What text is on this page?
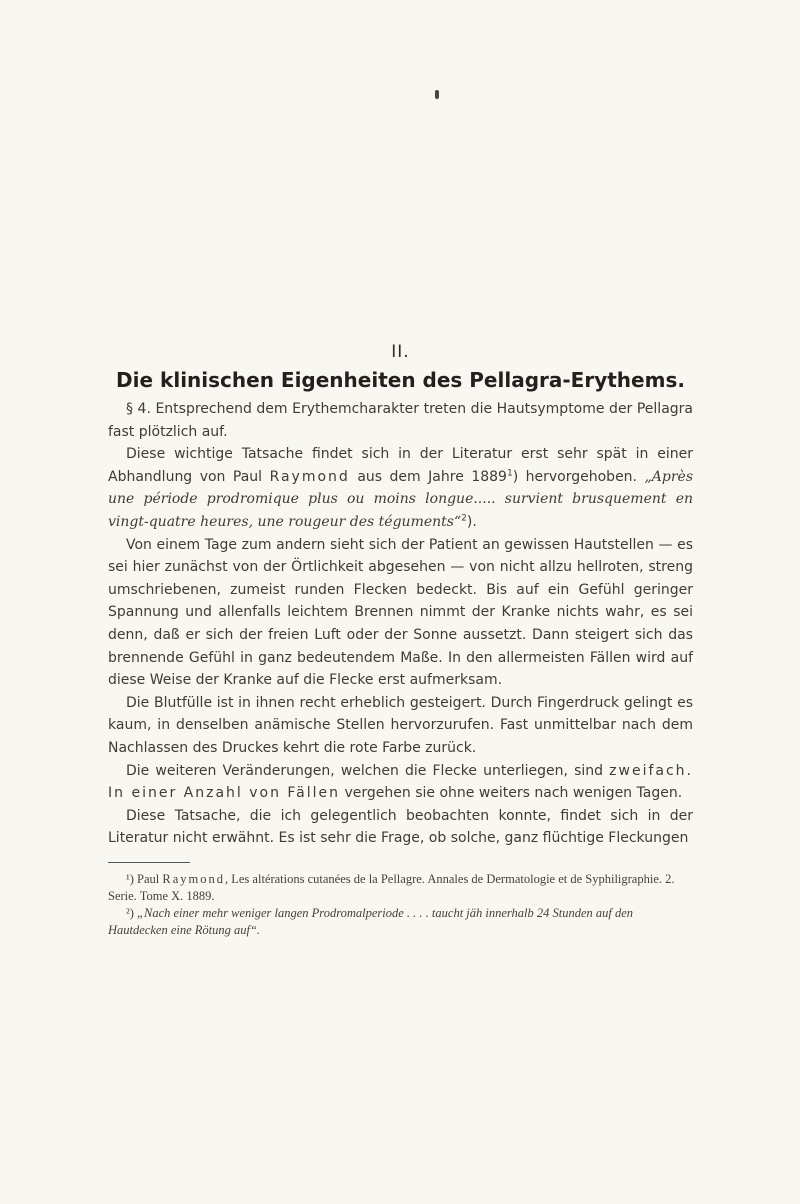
II.
Die klinischen Eigenheiten des Pellagra-Erythems.

§ 4. Entsprechend dem Erythemcharakter treten die Hautsymptome der Pellagra fast plötzlich auf.

Diese wichtige Tatsache findet sich in der Literatur erst sehr spät in einer Abhandlung von Paul Raymond aus dem Jahre 1889$^1$) hervorgehoben. „Après une période prodromique plus ou moins longue..... survient brusquement en vingt-quatre heures, une rougeur des téguments“$^2$).

Von einem Tage zum andern sieht sich der Patient an gewissen Hautstellen — es sei hier zunächst von der Örtlichkeit abgesehen — von nicht allzu hellroten, streng umschriebenen, zumeist runden Flecken bedeckt. Bis auf ein Gefühl geringer Spannung und allenfalls leichtem Brennen nimmt der Kranke nichts wahr, es sei denn, daß er sich der freien Luft oder der Sonne aussetzt. Dann steigert sich das brennende Gefühl in ganz bedeutendem Maße. In den allermeisten Fällen wird auf diese Weise der Kranke auf die Flecke erst aufmerksam.

Die Blutfülle ist in ihnen recht erheblich gesteigert. Durch Fingerdruck gelingt es kaum, in denselben anämische Stellen hervorzurufen. Fast unmittelbar nach dem Nachlassen des Druckes kehrt die rote Farbe zurück.

Die weiteren Veränderungen, welchen die Flecke unterliegen, sind zweifach. In einer Anzahl von Fällen vergehen sie ohne weiters nach wenigen Tagen.

Diese Tatsache, die ich gelegentlich beobachten konnte, findet sich in der Literatur nicht erwähnt. Es ist sehr die Frage, ob solche, ganz flüchtige Fleckungen

¹) Paul Raymond, Les altérations cutanées de la Pellagre. Annales de Dermatologie et de Syphiligraphie. 2. Serie. Tome X. 1889.

²) „Nach einer mehr weniger langen Prodromalperiode . . . . taucht jäh innerhalb 24 Stunden auf den Hautdecken eine Rötung auf“.
